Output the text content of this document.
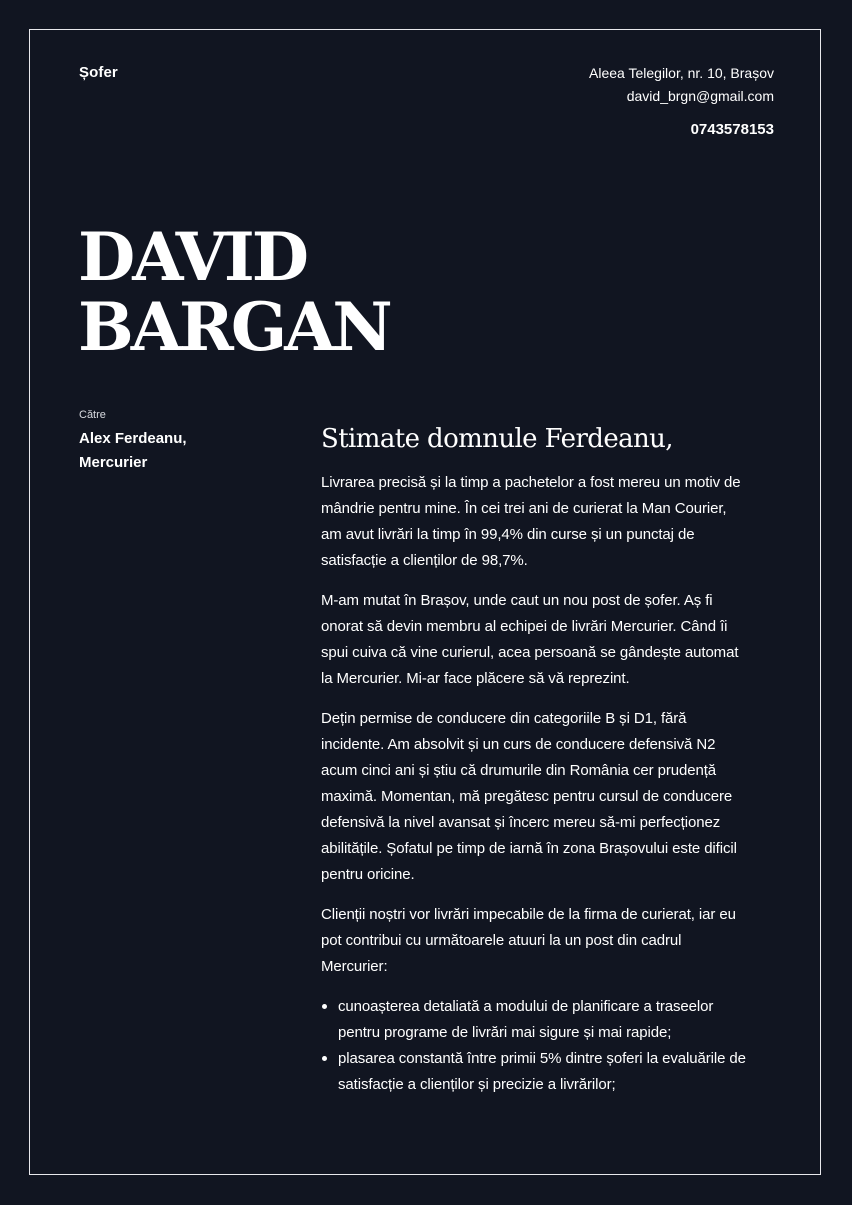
Șofer	Aleea Telegilor, nr. 10, Brașov
david_brgn@gmail.com
0743578153
DAVID
BARGAN
Către
Alex Ferdeanu,
Mercurier
Stimate domnule Ferdeanu,

Livrarea precisă și la timp a pachetelor a fost mereu un motiv de mândrie pentru mine. În cei trei ani de curierat la Man Courier, am avut livrări la timp în 99,4% din curse și un punctaj de satisfacție a clienților de 98,7%.

M-am mutat în Brașov, unde caut un nou post de șofer. Aș fi onorat să devin membru al echipei de livrări Mercurier. Când îi spui cuiva că vine curierul, acea persoană se gândește automat la Mercurier. Mi-ar face plăcere să vă reprezint.

Dețin permise de conducere din categoriile B și D1, fără incidente. Am absolvit și un curs de conducere defensivă N2 acum cinci ani și știu că drumurile din România cer prudență maximă. Momentan, mă pregătesc pentru cursul de conducere defensivă la nivel avansat și încerc mereu să-mi perfecționez abilitățile. Șofatul pe timp de iarnă în zona Brașovului este dificil pentru oricine.

Clienții noștri vor livrări impecabile de la firma de curierat, iar eu pot contribui cu următoarele atuuri la un post din cadrul Mercurier:

cunoașterea detaliată a modului de planificare a traseelor pentru programe de livrări mai sigure și mai rapide;
plasarea constantă între primii 5% dintre șoferi la evaluările de satisfacție a clienților și precizie a livrărilor;
